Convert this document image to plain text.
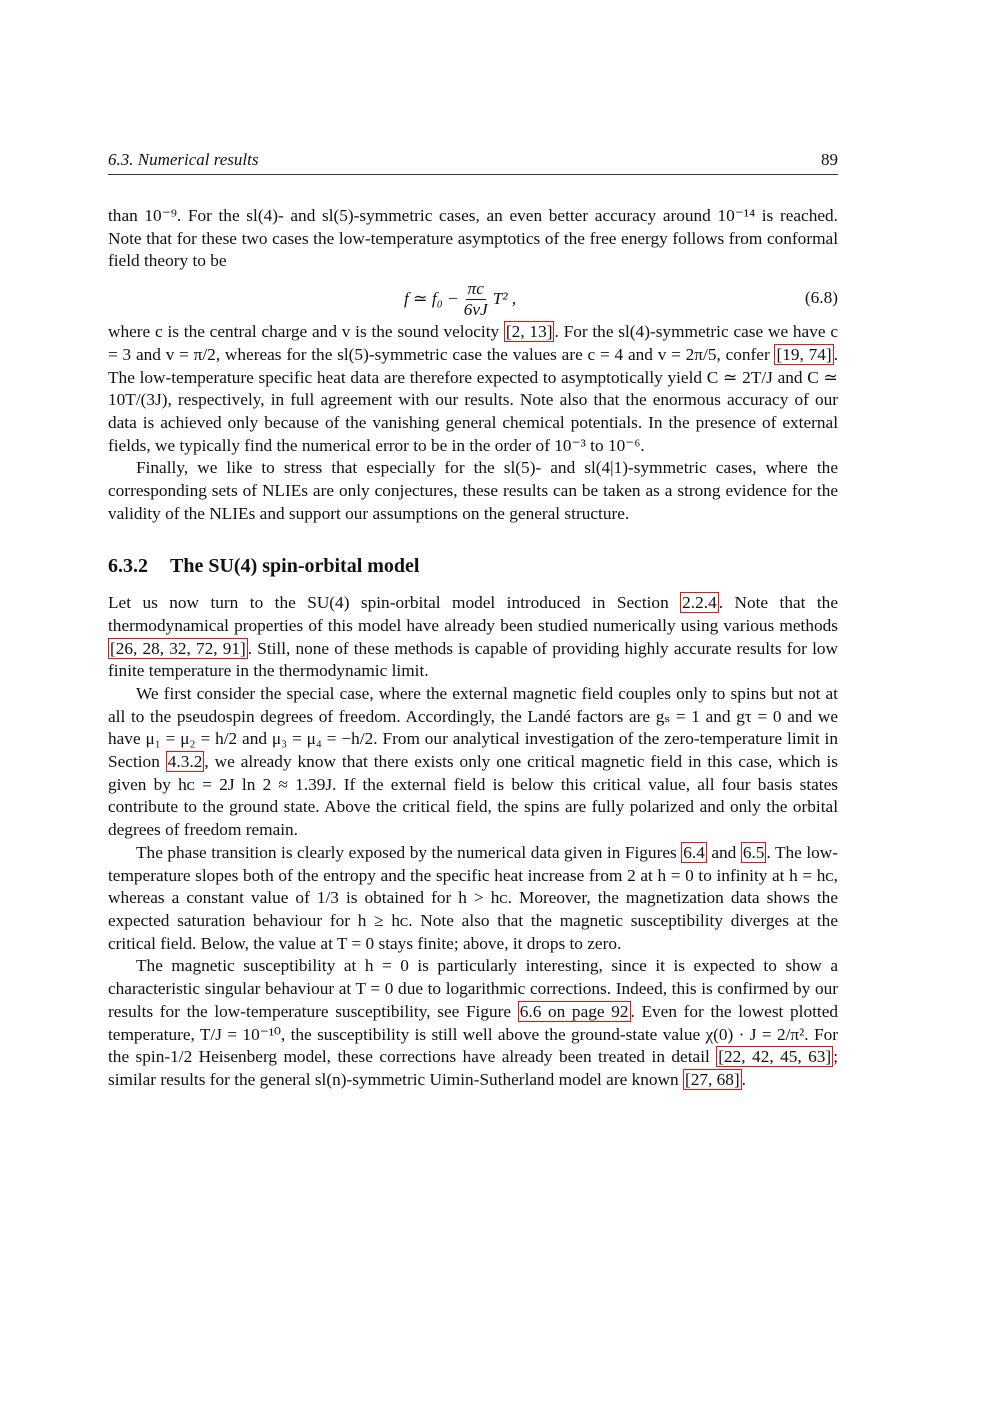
6.3. Numerical results	89

than 10⁻⁹. For the sl(4)- and sl(5)-symmetric cases, an even better accuracy around 10⁻¹⁴ is reached. Note that for these two cases the low-temperature asymptotics of the free energy follows from conformal field theory to be

f ≃ $f_0 - \frac{\pi c}{6vJ} T^2$ ,	(6.8)

where c is the central charge and v is the sound velocity [2, 13] . For the sl(4)-symmetric case we have c = 3 and v = π/2, whereas for the sl(5)-symmetric case the values are c = 4 and v = 2π/5, confer [19, 74] . The low-temperature specific heat data are therefore expected to asymptotically yield C ≃ 2T/J and C ≃ 10T/(3J), respectively, in full agreement with our results. Note also that the enormous accuracy of our data is achieved only because of the vanishing general chemical potentials. In the presence of external fields, we typically find the numerical error to be in the order of 10⁻³ to 10⁻⁶.

Finally, we like to stress that especially for the sl(5)- and sl(4|1)-symmetric cases, where the corresponding sets of NLIEs are only conjectures, these results can be taken as a strong evidence for the validity of the NLIEs and support our assumptions on the general structure.

6.3.2 The SU(4) spin-orbital model

Let us now turn to the SU(4) spin-orbital model introduced in Section 2.2.4 . Note that the thermodynamical properties of this model have already been studied numerically using various methods [26, 28, 32, 72, 91] . Still, none of these methods is capable of providing highly accurate results for low finite temperature in the thermodynamic limit.

We first consider the special case, where the external magnetic field couples only to spins but not at all to the pseudospin degrees of freedom. Accordingly, the Landé factors are gₛ = 1 and gτ = 0 and we have μ₁ = μ₂ = h/2 and μ₃ = μ₄ = −h/2. From our analytical investigation of the zero-temperature limit in Section 4.3.2 , we already know that there exists only one critical magnetic field in this case, which is given by hᴄ = 2J ln 2 ≈ 1.39J. If the external field is below this critical value, all four basis states contribute to the ground state. Above the critical field, the spins are fully polarized and only the orbital degrees of freedom remain.

The phase transition is clearly exposed by the numerical data given in Figures 6.4 and 6.5 . The low-temperature slopes both of the entropy and the specific heat increase from 2 at h = 0 to infinity at h = hᴄ, whereas a constant value of 1/3 is obtained for h > hᴄ. Moreover, the magnetization data shows the expected saturation behaviour for h ≥ hᴄ. Note also that the magnetic susceptibility diverges at the critical field. Below, the value at T = 0 stays finite; above, it drops to zero.

The magnetic susceptibility at h = 0 is particularly interesting, since it is expected to show a characteristic singular behaviour at T = 0 due to logarithmic corrections. Indeed, this is confirmed by our results for the low-temperature susceptibility, see Figure 6.6 on page 92 . Even for the lowest plotted temperature, T/J = 10⁻¹⁰, the susceptibility is still well above the ground-state value χ(0) · J = 2/π². For the spin-1/2 Heisenberg model, these corrections have already been treated in detail [22, 42, 45, 63] ; similar results for the general sl(n)-symmetric Uimin-Sutherland model are known [27, 68] .
